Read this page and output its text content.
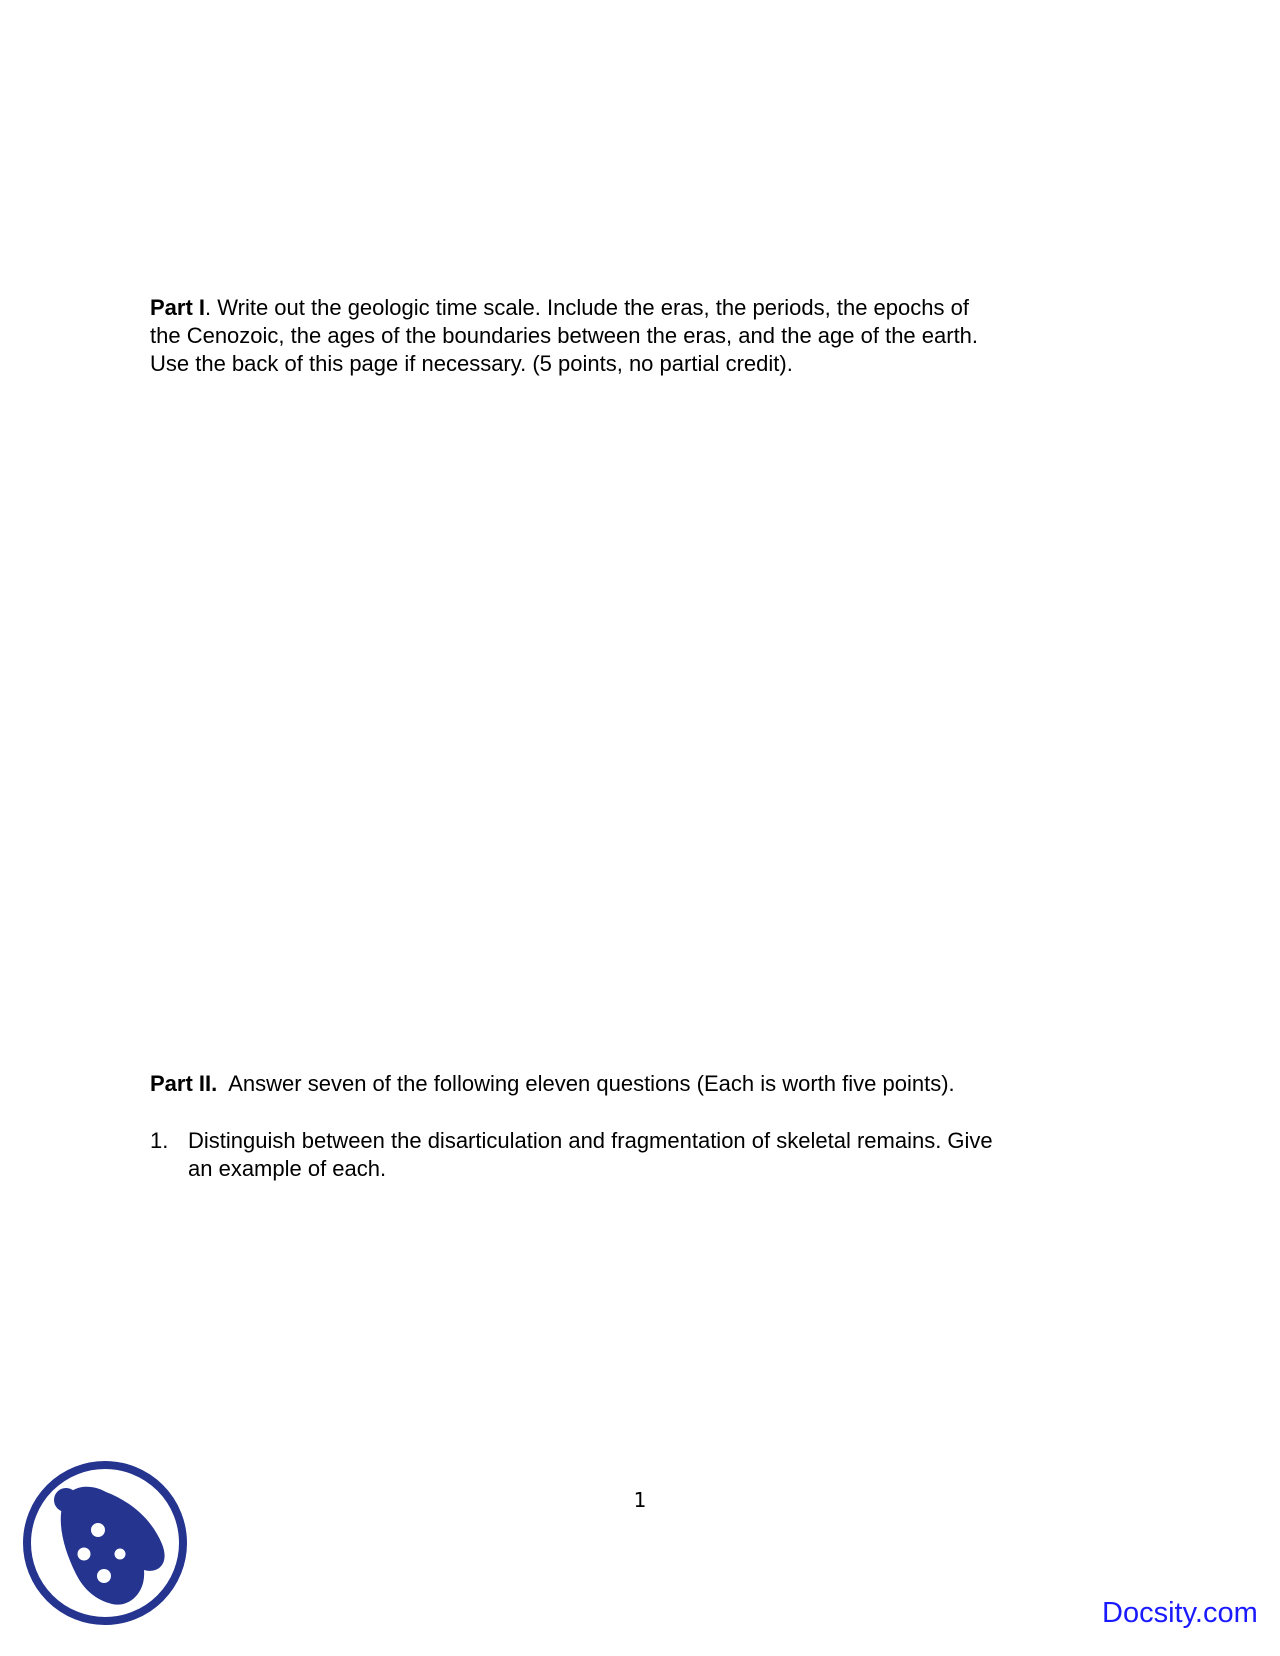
Part I. Write out the geologic time scale. Include the eras, the periods, the epochs of
the Cenozoic, the ages of the boundaries between the eras, and the age of the earth.
Use the back of this page if necessary. (5 points, no partial credit).
Part II.  Answer seven of the following eleven questions (Each is worth five points).
1. Distinguish between the disarticulation and fragmentation of skeletal remains. Give
an example of each.
1
Docsity.com
